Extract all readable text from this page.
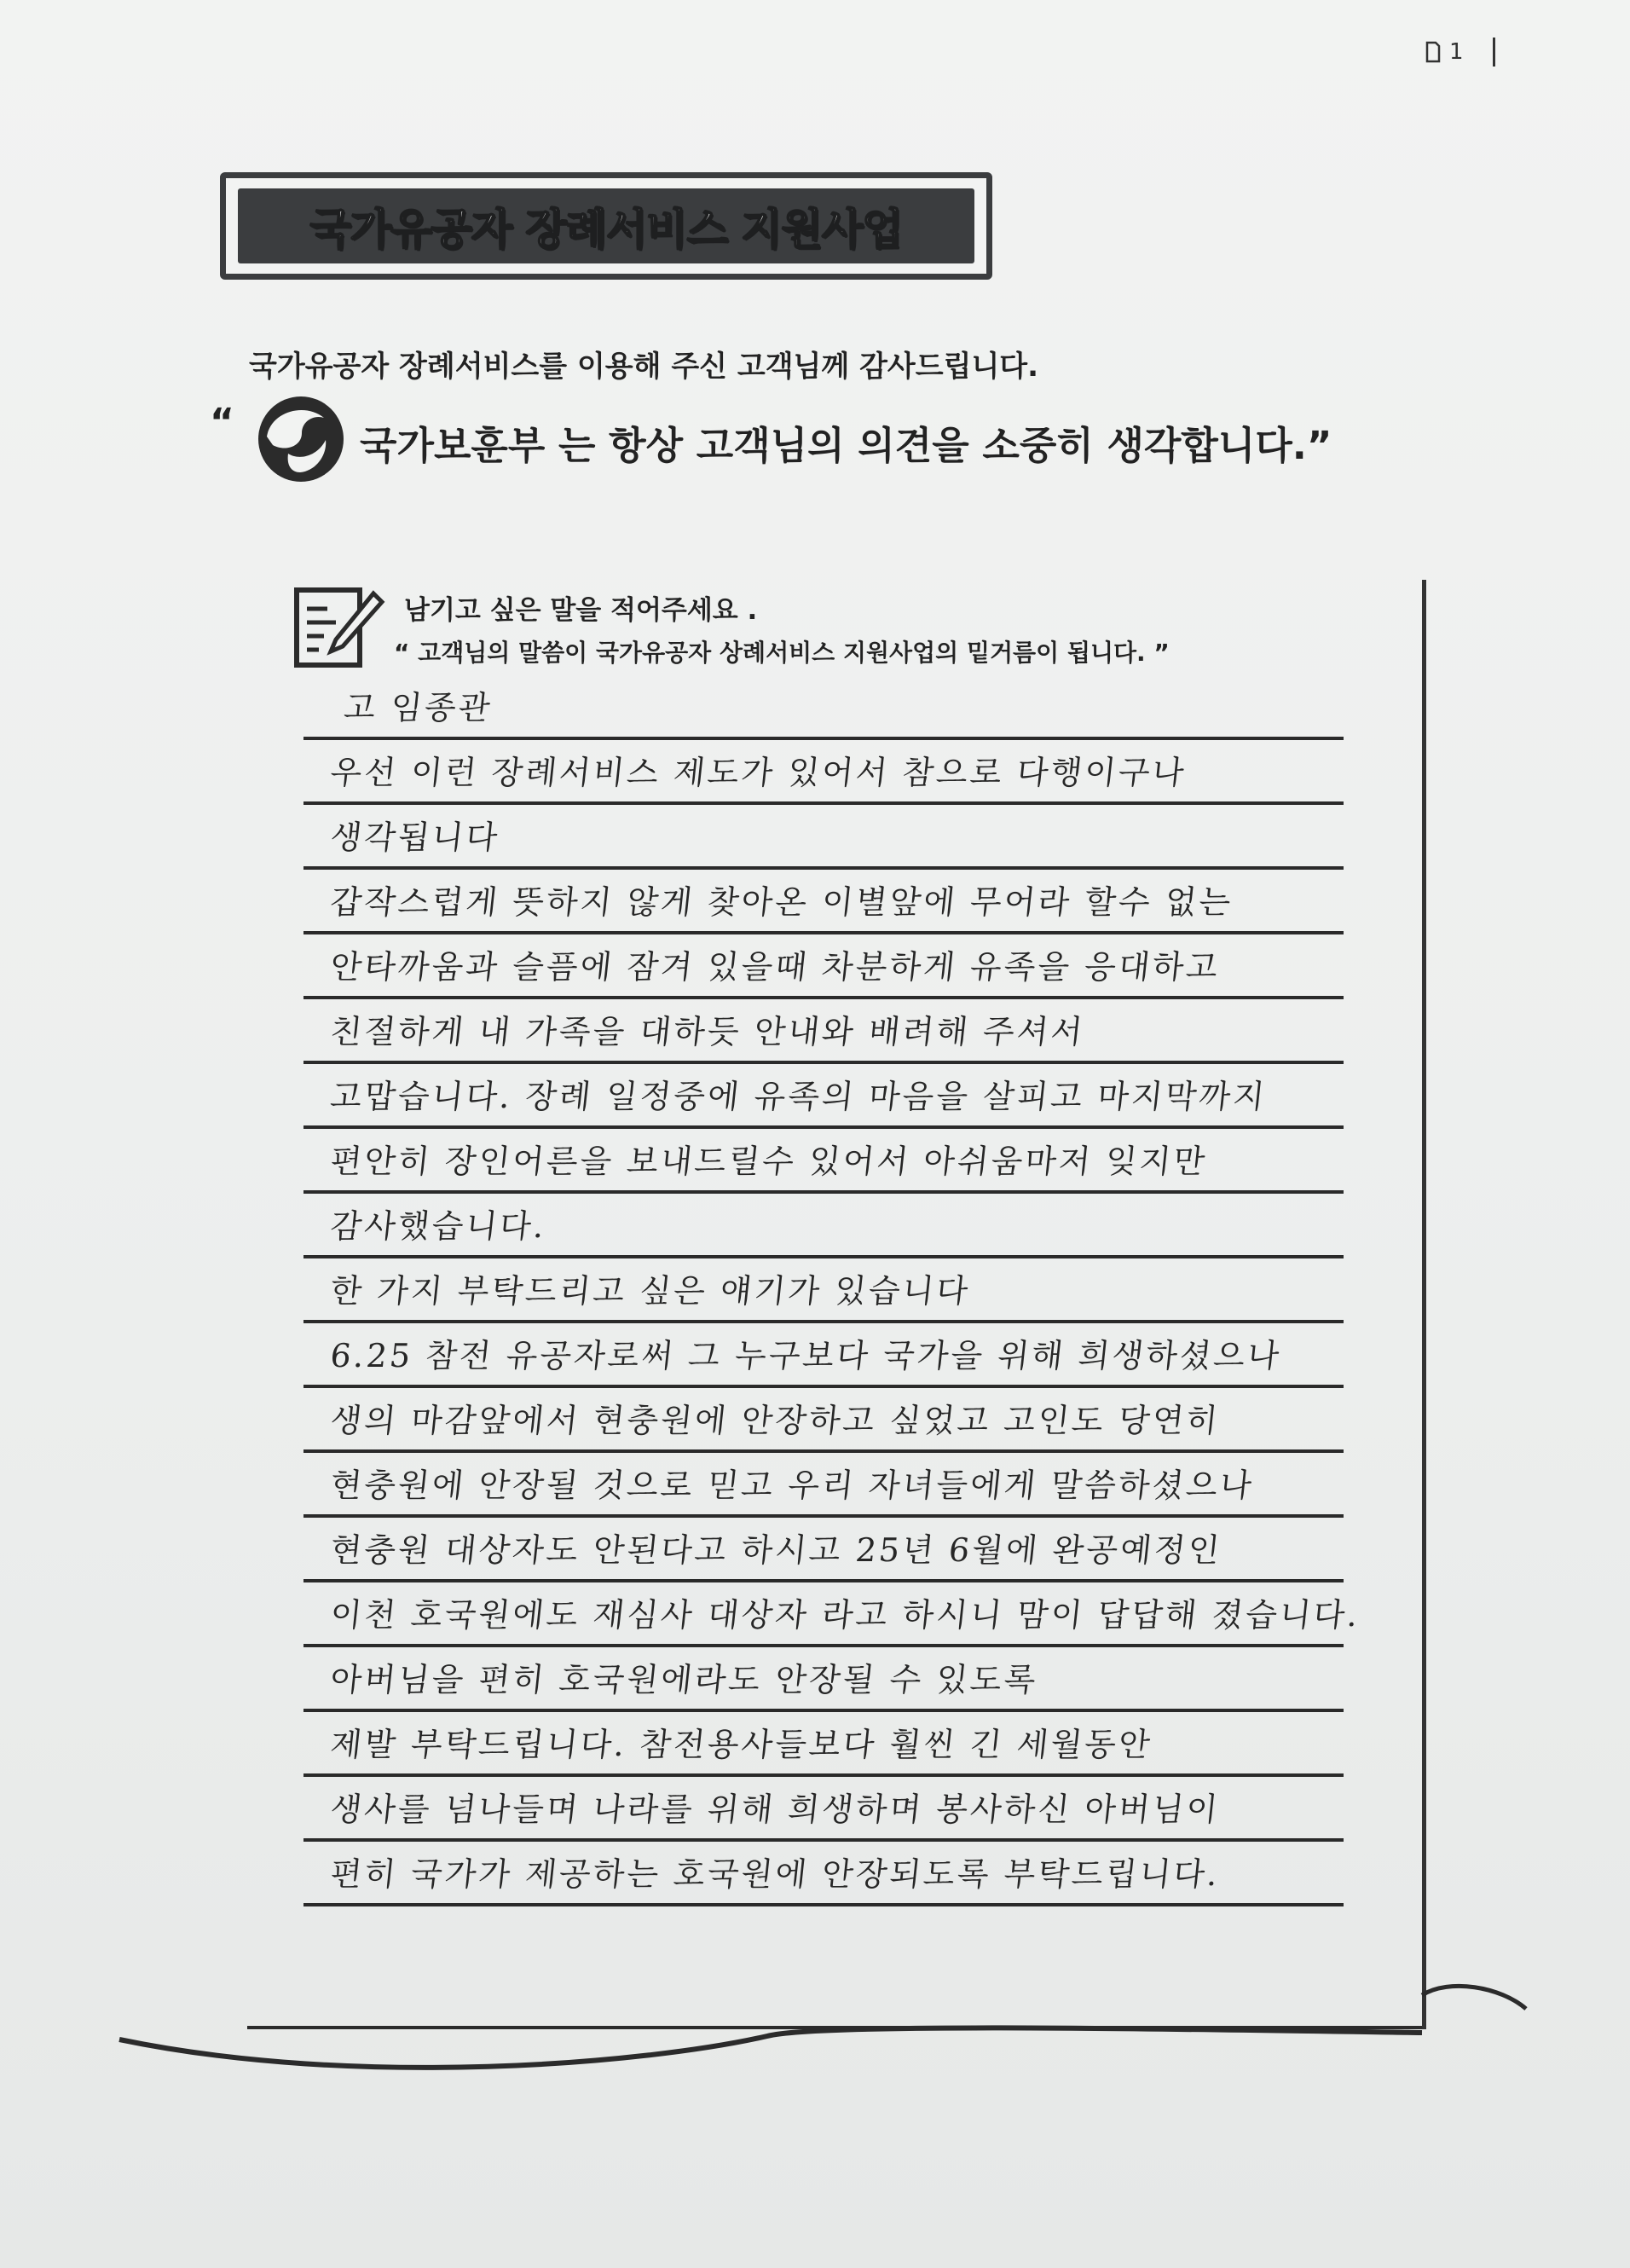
1
국가유공자 장례서비스 지원사업
국가유공자 장례서비스를 이용해 주신 고객님께 감사드립니다.
“
국가보훈부 는 항상 고객님의 의견을 소중히 생각합니다.”
남기고 싶은 말을 적어주세요 .
“ 고객님의 말씀이 국가유공자 상례서비스 지원사업의 밑거름이 됩니다. ”
고 임종관
우선 이런 장례서비스 제도가 있어서 참으로 다행이구나
생각됩니다
갑작스럽게 뜻하지 않게 찾아온 이별앞에 무어라 할수 없는
안타까움과 슬픔에 잠겨 있을때 차분하게 유족을 응대하고
친절하게 내 가족을 대하듯 안내와 배려해 주셔서
고맙습니다. 장례 일정중에 유족의 마음을 살피고 마지막까지
편안히 장인어른을 보내드릴수 있어서 아쉬움마저 잊지만
감사했습니다.
한 가지 부탁드리고 싶은 얘기가 있습니다
6.25 참전 유공자로써 그 누구보다 국가을 위해 희생하셨으나
생의 마감앞에서 현충원에 안장하고 싶었고 고인도 당연히
현충원에 안장될 것으로 믿고 우리 자녀들에게 말씀하셨으나
현충원 대상자도 안된다고 하시고 25년 6월에 완공예정인
이천 호국원에도 재심사 대상자 라고 하시니 맘이 답답해 졌습니다.
아버님을 편히 호국원에라도 안장될 수 있도록
제발 부탁드립니다. 참전용사들보다 훨씬 긴 세월동안
생사를 넘나들며 나라를 위해 희생하며 봉사하신 아버님이
편히 국가가 제공하는 호국원에 안장되도록 부탁드립니다.
